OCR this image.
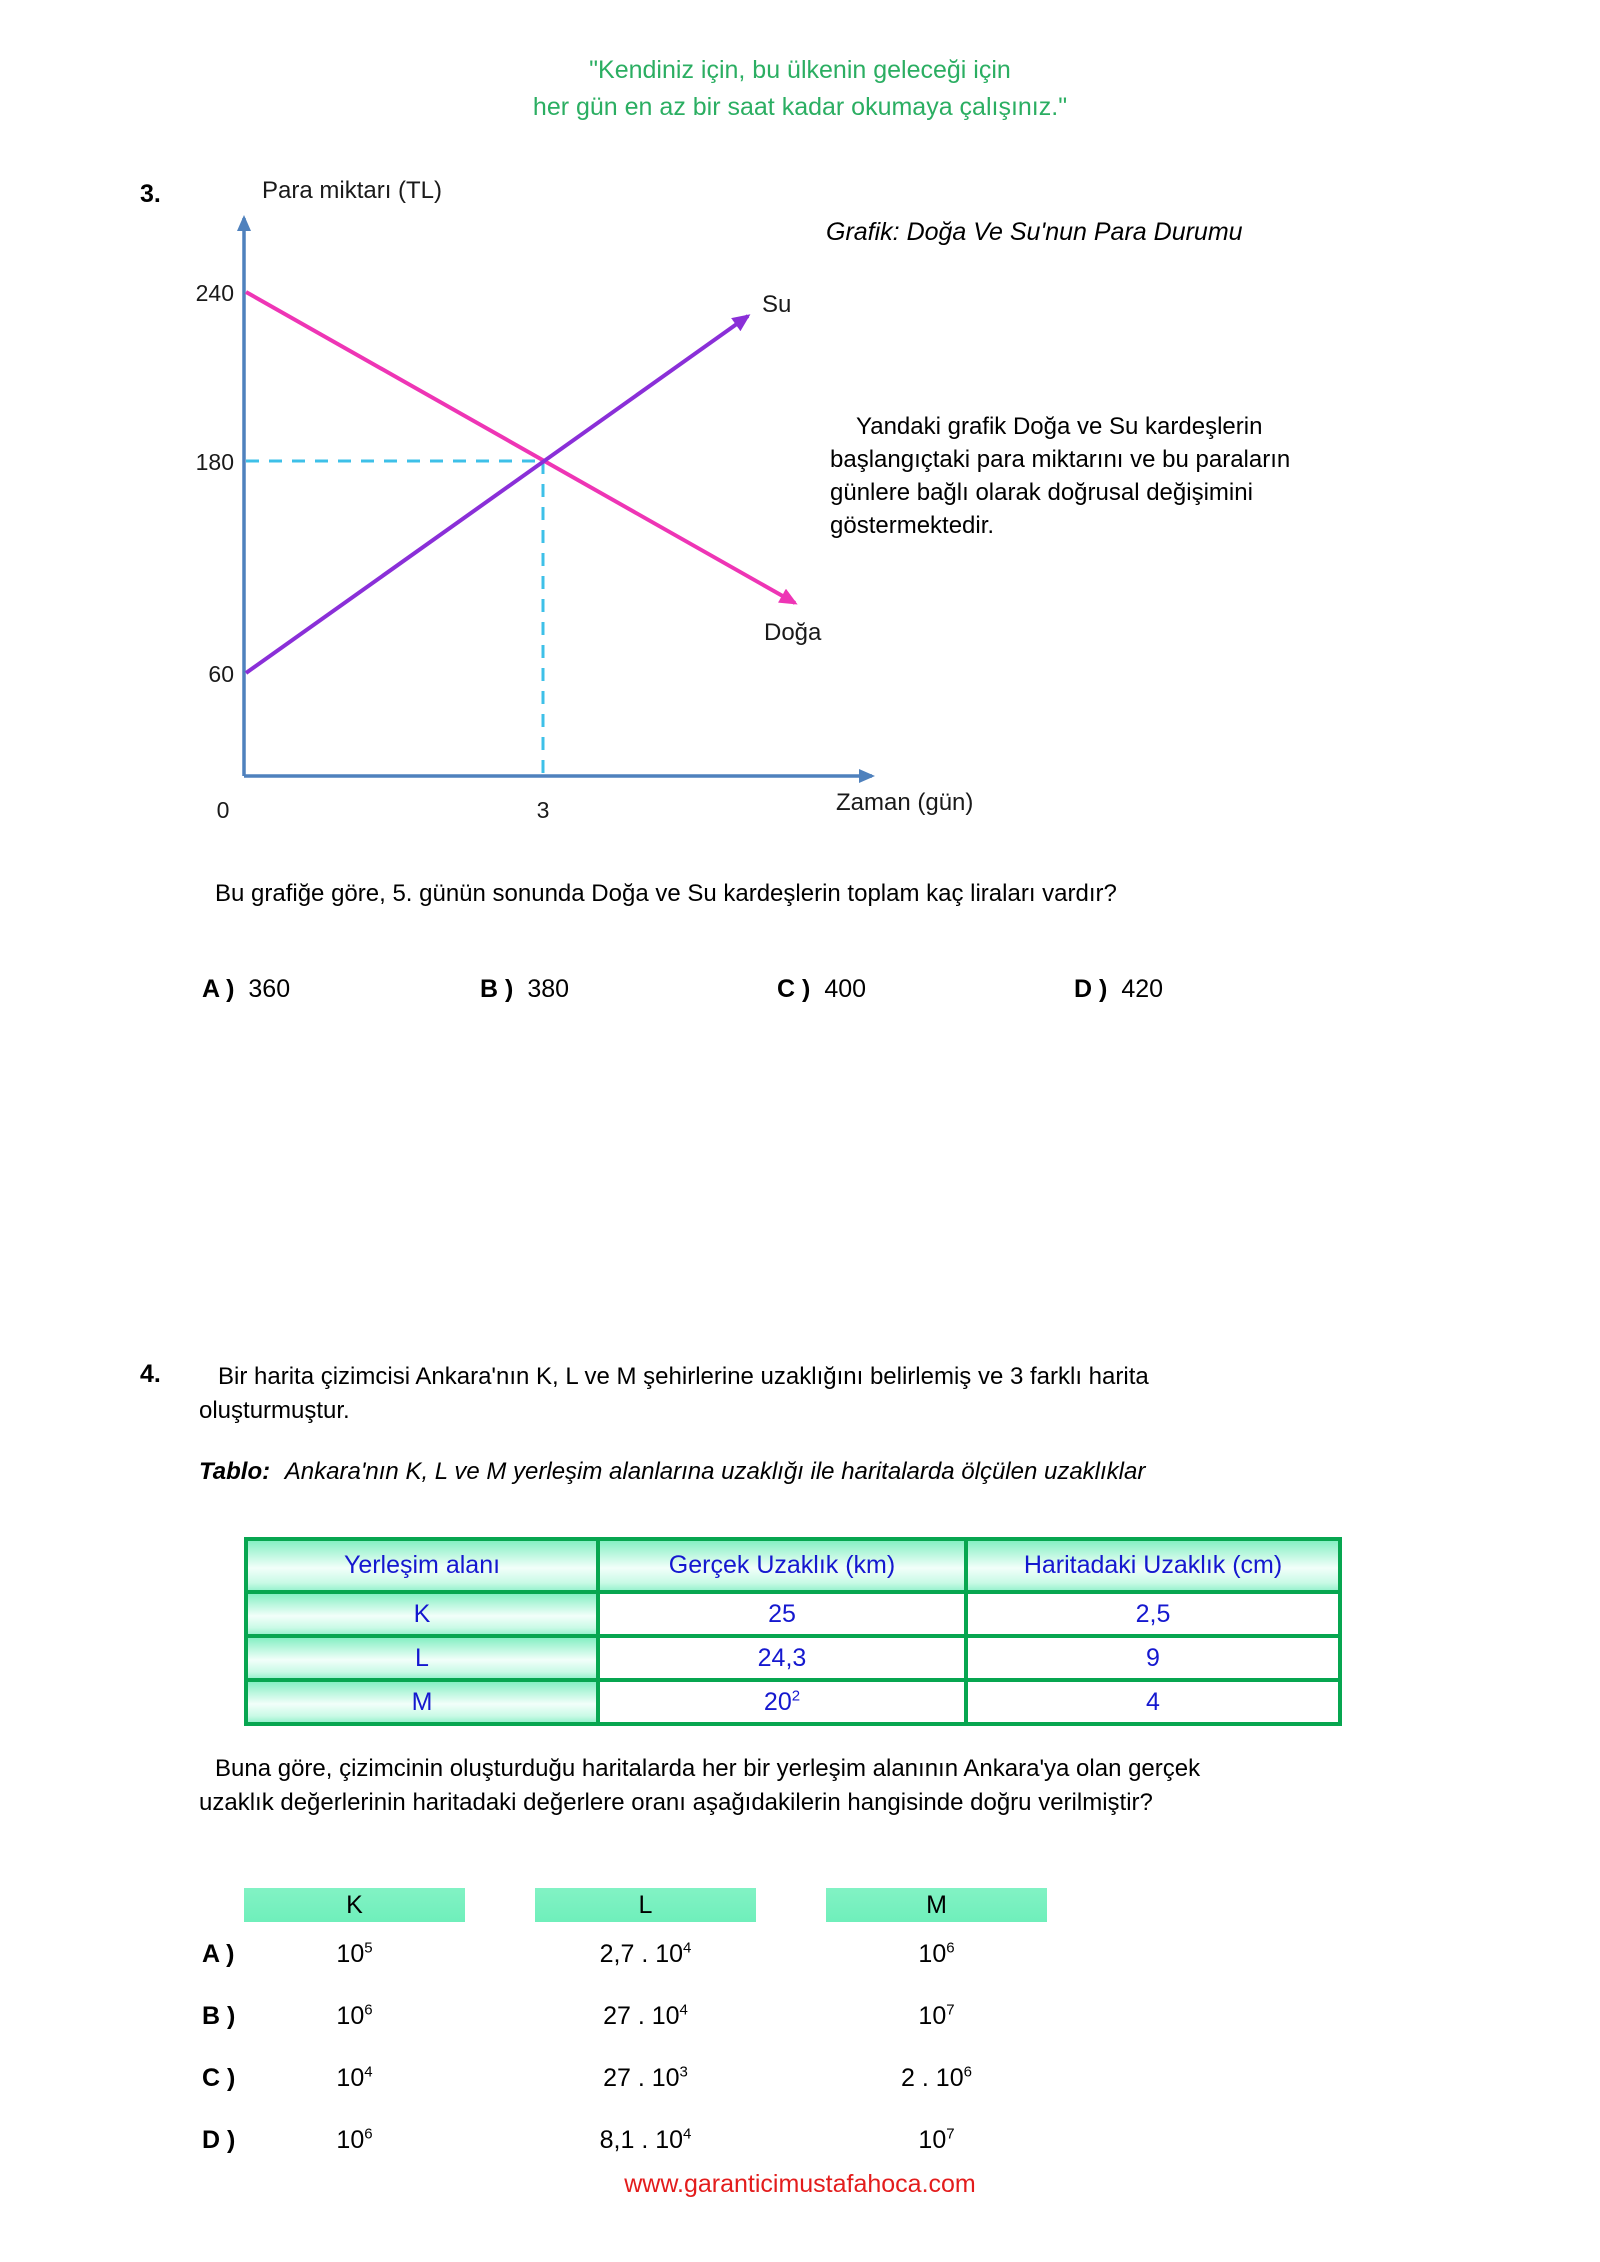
"Kendiniz için, bu ülkenin geleceği için
her gün en az bir saat kadar okumaya çalışınız."
3.	Para miktarı (TL)
Zaman (gün)
240
180
60
0	3
Su
Doğa
Grafik: Doğa Ve Su'nun Para Durumu
Yandaki grafik Doğa ve Su kardeşlerin
başlangıçtaki para miktarını ve bu paraların
günlere bağlı olarak doğrusal değişimini
göstermektedir.
Bu grafiğe göre, 5. günün sonunda Doğa ve Su kardeşlerin toplam kaç liraları vardır?
A ) 360	B ) 380	C ) 400	D ) 420
4.	Bir harita çizimcisi Ankara'nın K, L ve M şehirlerine uzaklığını belirlemiş ve 3 farklı harita
oluşturmuştur.
Tablo: Ankara'nın K, L ve M yerleşim alanlarına uzaklığı ile haritalarda ölçülen uzaklıklar
Yerleşim alanı	Gerçek Uzaklık (km)	Haritadaki Uzaklık (cm)
K	25	2,5
L	24,3	9
M	$20^2$	4
Buna göre, çizimcinin oluşturduğu haritalarda her bir yerleşim alanının Ankara'ya olan gerçek
uzaklık değerlerinin haritadaki değerlere oranı aşağıdakilerin hangisinde doğru verilmiştir?
K	L	M
A )	$10^5$	2,7 . $10^4$	$10^6$
B )	$10^6$	27 . $10^4$	$10^7$
C )	$10^4$	27 . $10^3$	2 . $10^6$
D )	$10^6$	8,1 . $10^4$	$10^7$
www.garanticimustafahoca.com
